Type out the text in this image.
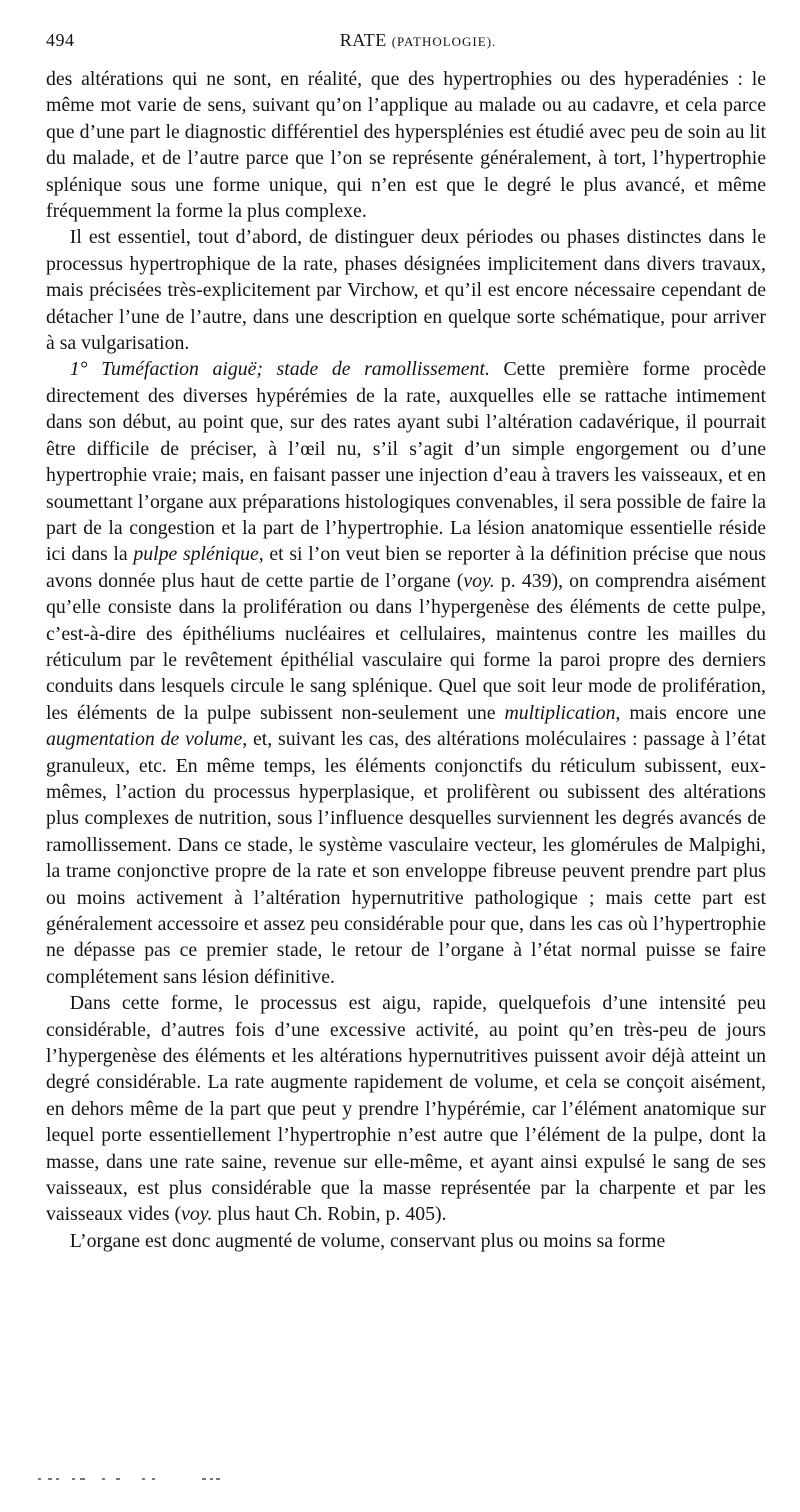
494	RATE (PATHOLOGIE).

des altérations qui ne sont, en réalité, que des hypertrophies ou des hyperadénies : le même mot varie de sens, suivant qu’on l’applique au malade ou au cadavre, et cela parce que d’une part le diagnostic différentiel des hypersplénies est étudié avec peu de soin au lit du malade, et de l’autre parce que l’on se représente généralement, à tort, l’hypertrophie splénique sous une forme unique, qui n’en est que le degré le plus avancé, et même fréquemment la forme la plus complexe.

Il est essentiel, tout d’abord, de distinguer deux périodes ou phases distinctes dans le processus hypertrophique de la rate, phases désignées implicitement dans divers travaux, mais précisées très-explicitement par Virchow, et qu’il est encore nécessaire cependant de détacher l’une de l’autre, dans une description en quelque sorte schématique, pour arriver à sa vulgarisation.

1° Tuméfaction aiguë; stade de ramollissement. Cette première forme procède directement des diverses hypérémies de la rate, auxquelles elle se rattache intimement dans son début, au point que, sur des rates ayant subi l’altération cadavérique, il pourrait être difficile de préciser, à l’œil nu, s’il s’agit d’un simple engorgement ou d’une hypertrophie vraie; mais, en faisant passer une injection d’eau à travers les vaisseaux, et en soumettant l’organe aux préparations histologiques convenables, il sera possible de faire la part de la congestion et la part de l’hypertrophie. La lésion anatomique essentielle réside ici dans la pulpe splénique, et si l’on veut bien se reporter à la définition précise que nous avons donnée plus haut de cette partie de l’organe (voy. p. 439), on comprendra aisément qu’elle consiste dans la prolifération ou dans l’hypergenèse des éléments de cette pulpe, c’est-à-dire des épithéliums nucléaires et cellulaires, maintenus contre les mailles du réticulum par le revêtement épithélial vasculaire qui forme la paroi propre des derniers conduits dans lesquels circule le sang splénique. Quel que soit leur mode de prolifération, les éléments de la pulpe subissent non-seulement une multiplication, mais encore une augmentation de volume, et, suivant les cas, des altérations moléculaires : passage à l’état granuleux, etc. En même temps, les éléments conjonctifs du réticulum subissent, eux-mêmes, l’action du processus hyperplasique, et prolifèrent ou subissent des altérations plus complexes de nutrition, sous l’influence desquelles surviennent les degrés avancés de ramollissement. Dans ce stade, le système vasculaire vecteur, les glomérules de Malpighi, la trame conjonctive propre de la rate et son enveloppe fibreuse peuvent prendre part plus ou moins activement à l’altération hypernutritive pathologique ; mais cette part est généralement accessoire et assez peu considérable pour que, dans les cas où l’hypertrophie ne dépasse pas ce premier stade, le retour de l’organe à l’état normal puisse se faire complétement sans lésion définitive.

Dans cette forme, le processus est aigu, rapide, quelquefois d’une intensité peu considérable, d’autres fois d’une excessive activité, au point qu’en très-peu de jours l’hypergenèse des éléments et les altérations hypernutritives puissent avoir déjà atteint un degré considérable. La rate augmente rapidement de volume, et cela se conçoit aisément, en dehors même de la part que peut y prendre l’hypérémie, car l’élément anatomique sur lequel porte essentiellement l’hypertrophie n’est autre que l’élément de la pulpe, dont la masse, dans une rate saine, revenue sur elle-même, et ayant ainsi expulsé le sang de ses vaisseaux, est plus considérable que la masse représentée par la charpente et par les vaisseaux vides (voy. plus haut Ch. Robin, p. 405).

L’organe est donc augmenté de volume, conservant plus ou moins sa forme
